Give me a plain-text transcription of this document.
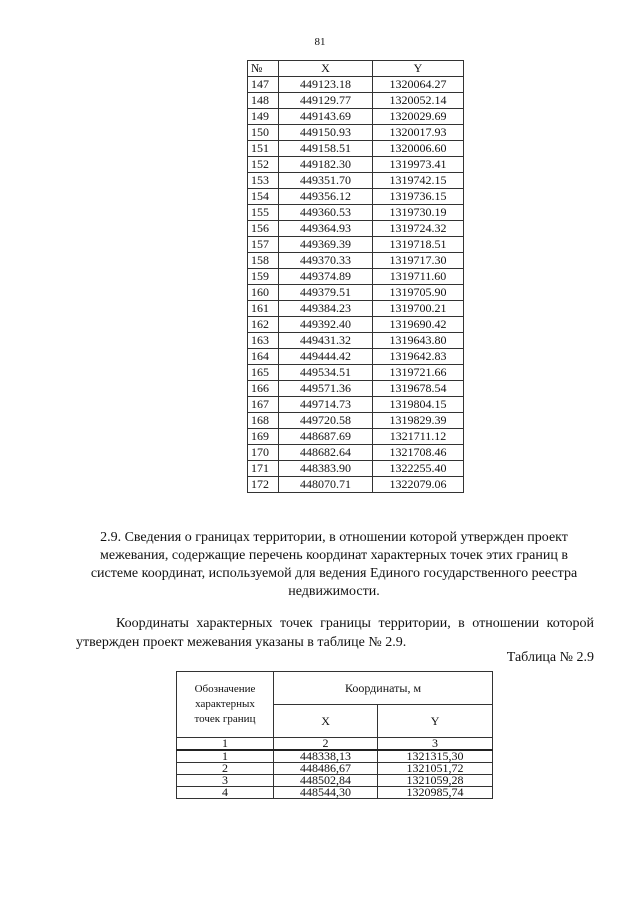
81
№	X	Y
147	449123.18	1320064.27
148	449129.77	1320052.14
149	449143.69	1320029.69
150	449150.93	1320017.93
151	449158.51	1320006.60
152	449182.30	1319973.41
153	449351.70	1319742.15
154	449356.12	1319736.15
155	449360.53	1319730.19
156	449364.93	1319724.32
157	449369.39	1319718.51
158	449370.33	1319717.30
159	449374.89	1319711.60
160	449379.51	1319705.90
161	449384.23	1319700.21
162	449392.40	1319690.42
163	449431.32	1319643.80
164	449444.42	1319642.83
165	449534.51	1319721.66
166	449571.36	1319678.54
167	449714.73	1319804.15
168	449720.58	1319829.39
169	448687.69	1321711.12
170	448682.64	1321708.46
171	448383.90	1322255.40
172	448070.71	1322079.06
2.9. Сведения о границах территории, в отношении которой утвержден проект межевания, содержащие перечень координат характерных точек этих границ в системе координат, используемой для ведения Единого государственного реестра недвижимости.
Координаты характерных точек границы территории, в отношении которой утвержден проект межевания указаны в таблице № 2.9.
Таблица № 2.9
Обозначение характерных точек границ	Координаты, м	
	X	Y
1	2	3
1	448338,13	1321315,30
2	448486,67	1321051,72
3	448502,84	1321059,28
4	448544,30	1320985,74
